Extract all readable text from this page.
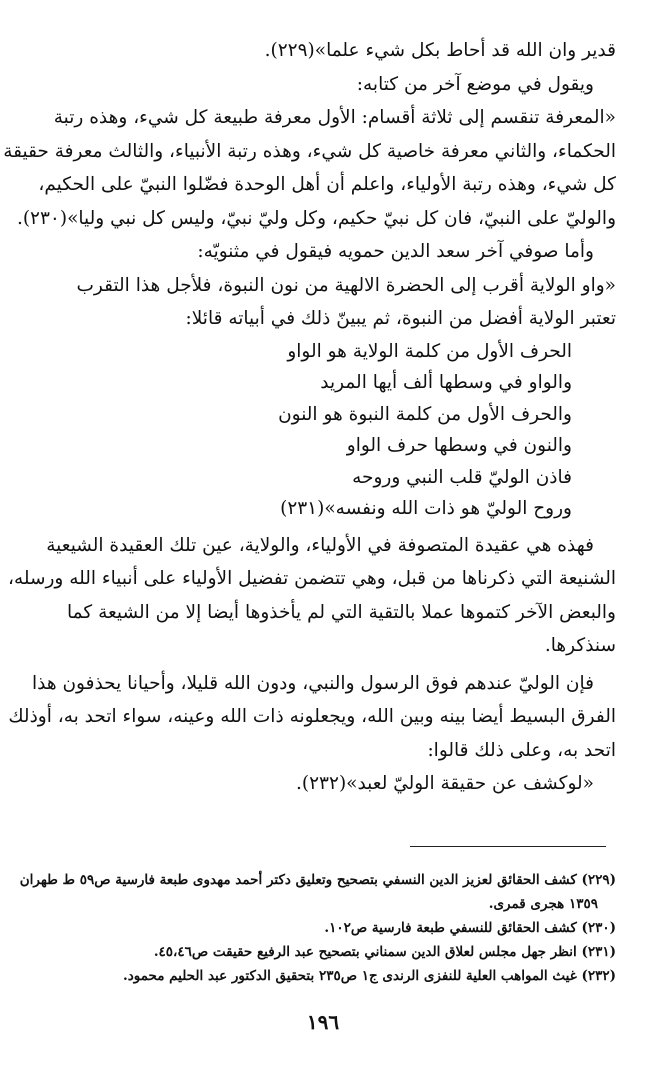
قدير وان الله قد أحاط بكل شيء علما»(٢٢٩).

ويقول في موضع آخر من كتابه:

«المعرفة تنقسم إلى ثلاثة أقسام: الأول معرفة طبيعة كل شيء، وهذه رتبة

الحكماء، والثاني معرفة خاصية كل شيء، وهذه رتبة الأنبياء، والثالث معرفة حقيقة

كل شيء، وهذه رتبة الأولياء، واعلم أن أهل الوحدة فضّلوا النبيّ على الحكيم،

والوليّ على النبيّ، فان كل نبيّ حكيم، وكل وليّ نبيّ، وليس كل نبي وليا»(٢٣٠).

وأما صوفي آخر سعد الدين حمويه فيقول في مثنويّه:

«واو الولاية أقرب إلى الحضرة الالهية من نون النبوة، فلأجل هذا التقرب

تعتبر الولاية أفضل من النبوة، ثم يبينّ ذلك في أبياته قائلا:

الحرف الأول من كلمة الولاية هو الواو
والواو في وسطها ألف أيها المريد
والحرف الأول من كلمة النبوة هو النون
والنون في وسطها حرف الواو
فاذن الوليّ قلب النبي وروحه
وروح الوليّ هو ذات الله ونفسه»(٢٣١)

فهذه هي عقيدة المتصوفة في الأولياء، والولاية، عين تلك العقيدة الشيعية

الشنيعة التي ذكرناها من قبل، وهي تتضمن تفضيل الأولياء على أنبياء الله ورسله،

والبعض الآخر كتموها عملا بالتقية التي لم يأخذوها أيضا إلا من الشيعة كما

سنذكرها.

فإن الوليّ عندهم فوق الرسول والنبي، ودون الله قليلا، وأحيانا يحذفون هذا

الفرق البسيط أيضا بينه وبين الله، ويجعلونه ذات الله وعينه، سواء اتحد به، أوذلك

اتحد به، وعلى ذلك قالوا:

«لوكشف عن حقيقة الوليّ لعبد»(٢٣٢).

(٢٢٩) كشف الحقائق لعزيز الدين النسفي بتصحيح وتعليق دكتر أحمد مهدوى طبعة فارسية ص٥٩ ط طهران

١٣٥٩ هجرى قمرى.

(٢٣٠) كشف الحقائق للنسفي طبعة فارسية ص١٠٢.

(٢٣١) انظر جهل مجلس لعلاق الدين سمناني بتصحيح عبد الرفيع حقيقت ص٤٥،٤٦.

(٢٣٢) غيث المواهب العلية للنفزى الرندى ج١ ص٢٣٥ بتحقيق الدكتور عبد الحليم محمود.

١٩٦
